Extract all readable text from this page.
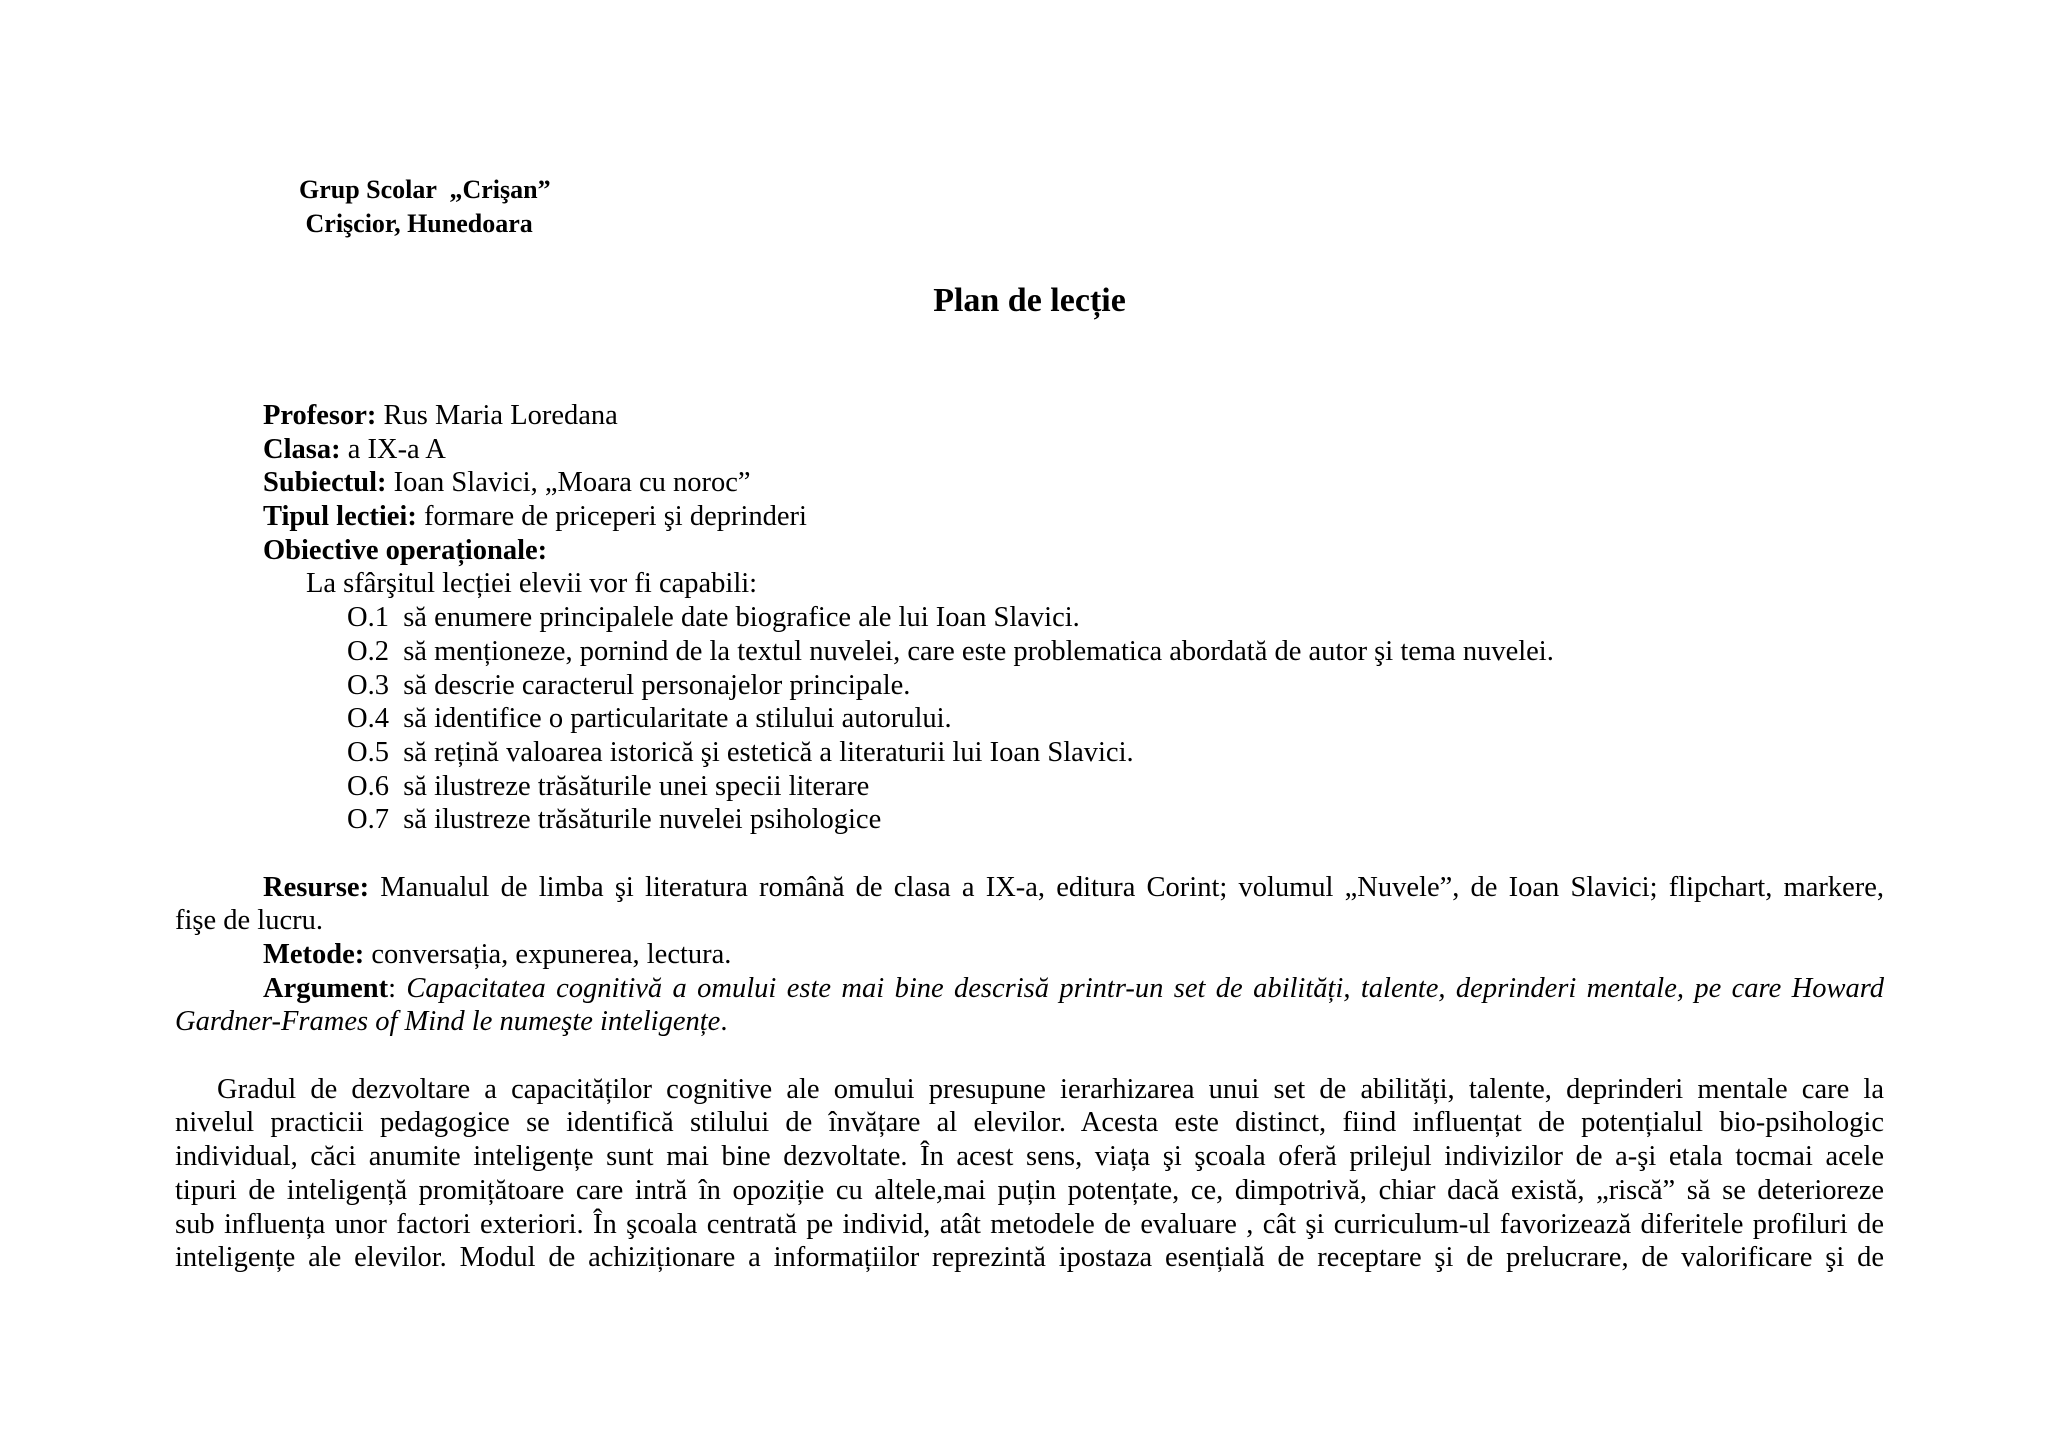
Grup Scolar  „Crişan”
Crişcior, Hunedoara
Plan de lecție
Profesor: Rus Maria Loredana
Clasa: a IX-a A
Subiectul: Ioan Slavici, „Moara cu noroc”
Tipul lectiei: formare de priceperi şi deprinderi
Obiective operaționale:
La sfârşitul lecției elevii vor fi capabili:
O.1 să enumere principalele date biografice ale lui Ioan Slavici.
O.2 să menționeze, pornind de la textul nuvelei, care este problematica abordată de autor şi tema nuvelei.
O.3 să descrie caracterul personajelor principale.
O.4 să identifice o particularitate a stilului autorului.
O.5 să rețină valoarea istorică şi estetică a literaturii lui Ioan Slavici.
O.6 să ilustreze trăsăturile unei specii literare
O.7 să ilustreze trăsăturile nuvelei psihologice
Resurse: Manualul de limba şi literatura română de clasa a IX-a, editura Corint; volumul „Nuvele”, de Ioan Slavici; flipchart, markere,
fişe de lucru.
Metode: conversația, expunerea, lectura.
Argument: Capacitatea cognitivă a omului este mai bine descrisă printr-un set de abilități, talente, deprinderi mentale, pe care Howard
Gardner-Frames of Mind le numeşte inteligențe.
Gradul de dezvoltare a capacităților cognitive ale omului presupune ierarhizarea unui set de abilități, talente, deprinderi mentale care la
nivelul practicii pedagogice se identifică stilului de învățare al elevilor. Acesta este distinct, fiind influențat de potențialul bio-psihologic
individual, căci anumite inteligențe sunt mai bine dezvoltate. În acest sens, viața şi şcoala oferă prilejul indivizilor de a-şi etala tocmai acele
tipuri de inteligență promițătoare care intră în opoziție cu altele,mai puțin potențate, ce, dimpotrivă, chiar dacă există, „riscă” să se deterioreze
sub influența unor factori exteriori. În şcoala centrată pe individ, atât metodele de evaluare , cât şi curriculum-ul favorizează diferitele profiluri de
inteligențe ale elevilor. Modul de achiziționare a informațiilor reprezintă ipostaza esențială de receptare şi de prelucrare, de valorificare şi de
